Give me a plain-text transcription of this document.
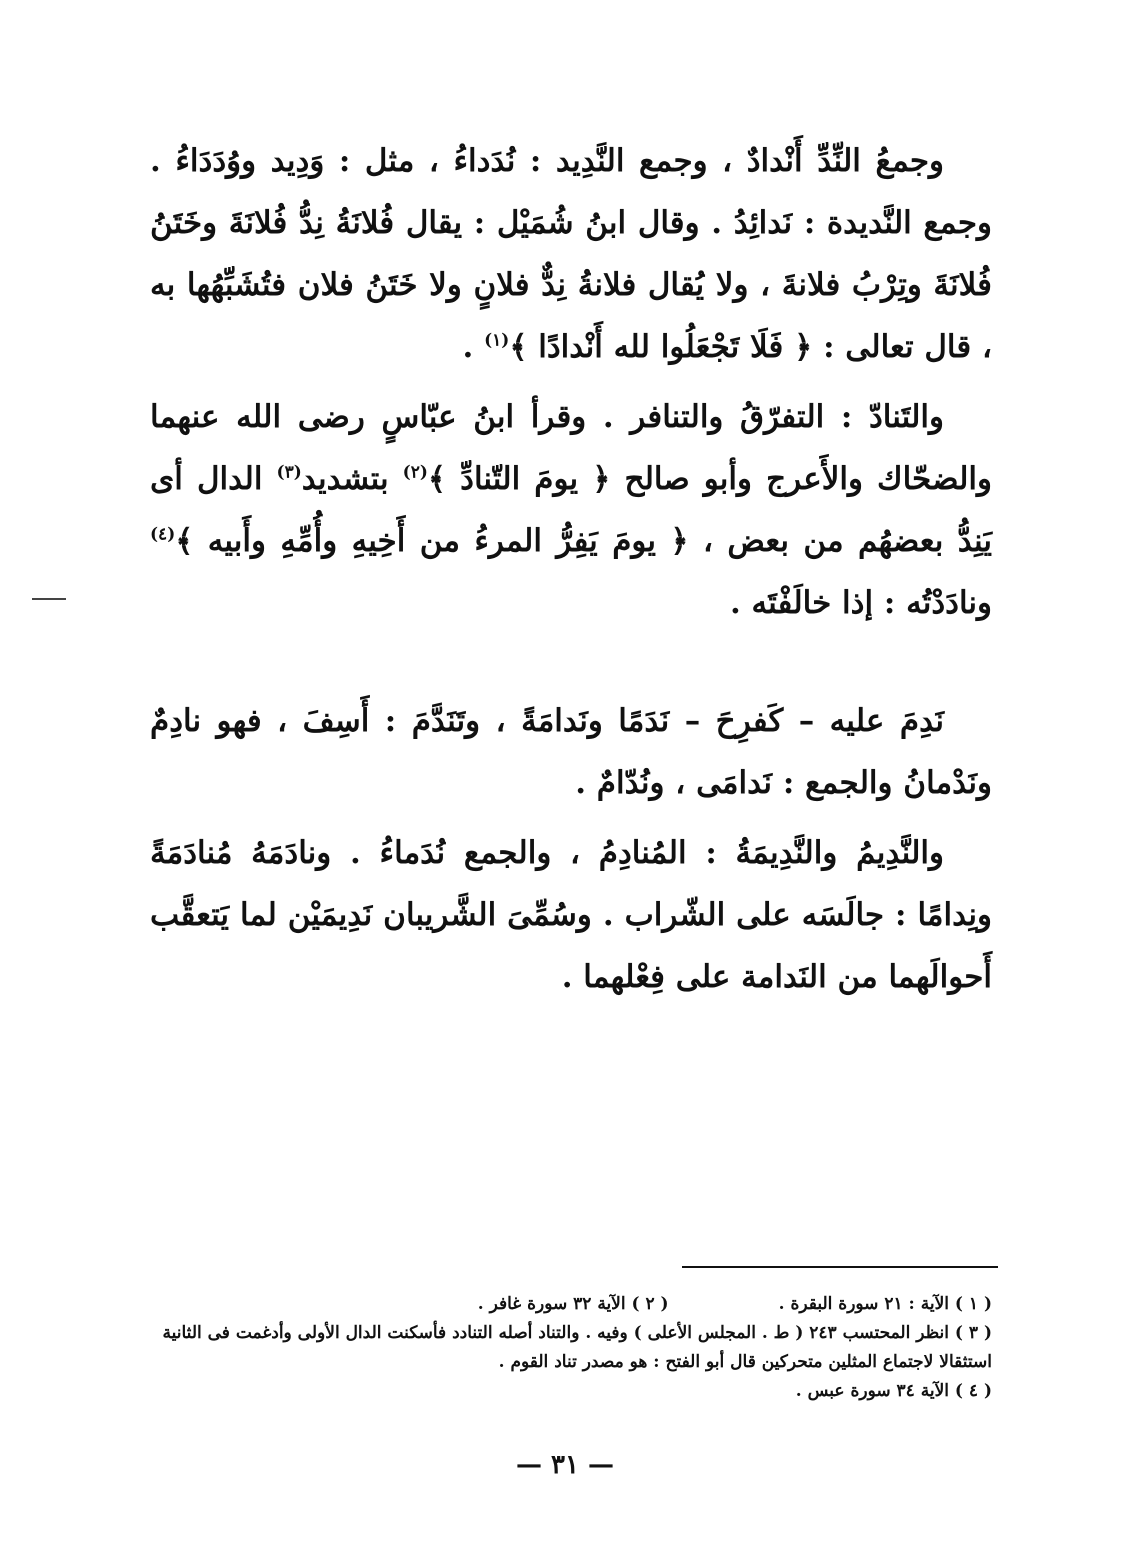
وجمعُ النِّدِّ أَنْدادٌ ، وجمع النَّدِيد : نُدَداءُ ، مثل : وَدِيد ووُدَدَاءُ . وجمع النَّديدة : نَدائِدُ . وقال ابنُ شُمَيْل : يقال فُلانَةُ نِدُّ فُلانَةَ وخَتَنُ فُلانَةَ وتِرْبُ فلانةَ ، ولا يُقال فلانةُ نِدٌّ فلانٍ ولا خَتَنُ فلان فتُشَبِّهُها به ، قال تعالى : ﴿ فَلَا تَجْعَلُوا لله أَنْدادًا ﴾$^{(١)}$ .

والتَنادّ : التفرّقُ والتنافر . وقرأ ابنُ عبّاسٍ رضى الله عنهما والضحّاك والأَعرج وأبو صالح ﴿ يومَ التّنادِّ ﴾$^{(٢)}$ بتشديد$^{(٣)}$ الدال أى يَنِدُّ بعضهُم من بعض ، ﴿ يومَ يَفِرُّ المرءُ من أَخِيهِ وأُمِّهِ وأَبيه ﴾$^{(٤)}$ ونادَدْتُه : إذا خالَفْتَه .

نَدِمَ عليه – كَفرِحَ – نَدَمًا ونَدامَةً ، وتَنَدَّمَ : أَسِفَ ، فهو نادِمٌ ونَدْمانُ والجمع : نَدامَى ، ونُدّامٌ .

والنَّدِيمُ والنَّدِيمَةُ : المُنادِمُ ، والجمع نُدَماءُ . ونادَمَهُ مُنادَمَةً ونِدامًا : جالَسَه على الشّراب . وسُمِّىَ الشَّريبان نَدِيمَيْن لما يَتعقَّب أَحوالَهما من النَدامة على فِعْلهما .

( ١ ) الآية : ٢١ سورة البقرة .( ٢ ) الآية ٣٢ سورة غافر .

( ٣ ) انظر المحتسب ٢٤٣ ( ط . المجلس الأعلى ) وفيه . والتناد أصله التنادد فأسكنت الدال الأولى وأدغمت فى الثانية

استثقالا لاجتماع المثلين متحركين قال أبو الفتح : هو مصدر تناد القوم .

( ٤ ) الآية ٣٤ سورة عبس .

— ٣١ —
